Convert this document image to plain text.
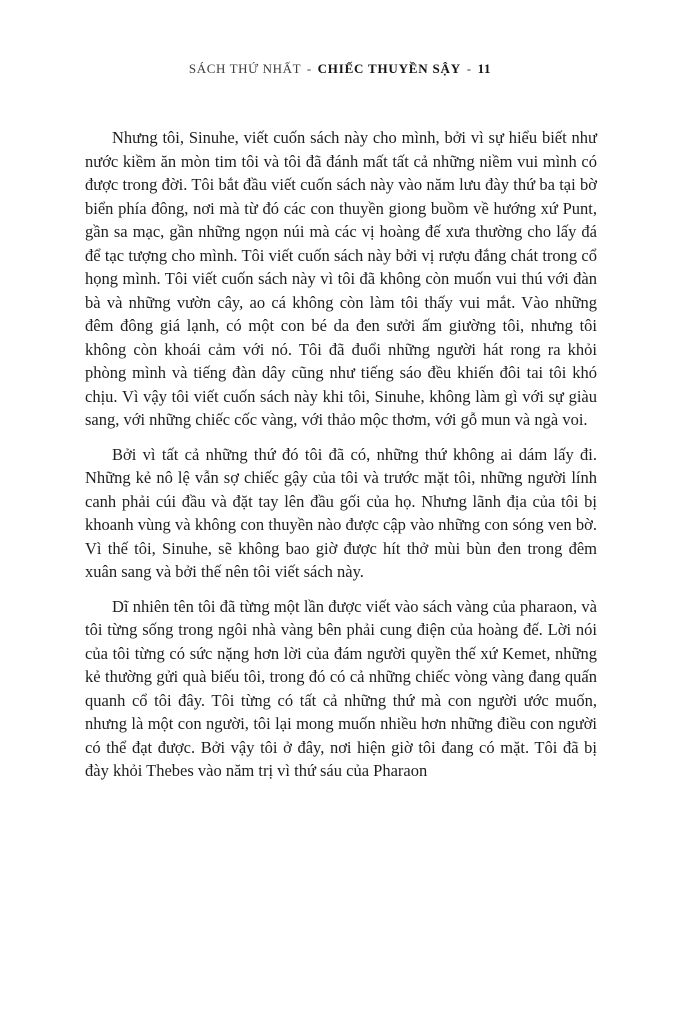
SÁCH THỨ NHẤT - CHIẾC THUYỀN SẬY - 11

Nhưng tôi, Sinuhe, viết cuốn sách này cho mình, bởi vì sự hiểu biết như nước kiềm ăn mòn tim tôi và tôi đã đánh mất tất cả những niềm vui mình có được trong đời. Tôi bắt đầu viết cuốn sách này vào năm lưu đày thứ ba tại bờ biển phía đông, nơi mà từ đó các con thuyền giong buồm về hướng xứ Punt, gần sa mạc, gần những ngọn núi mà các vị hoàng đế xưa thường cho lấy đá để tạc tượng cho mình. Tôi viết cuốn sách này bởi vị rượu đắng chát trong cổ họng mình. Tôi viết cuốn sách này vì tôi đã không còn muốn vui thú với đàn bà và những vườn cây, ao cá không còn làm tôi thấy vui mắt. Vào những đêm đông giá lạnh, có một con bé da đen sưởi ấm giường tôi, nhưng tôi không còn khoái cảm với nó. Tôi đã đuổi những người hát rong ra khỏi phòng mình và tiếng đàn dây cũng như tiếng sáo đều khiến đôi tai tôi khó chịu. Vì vậy tôi viết cuốn sách này khi tôi, Sinuhe, không làm gì với sự giàu sang, với những chiếc cốc vàng, với thảo mộc thơm, với gỗ mun và ngà voi.

Bởi vì tất cả những thứ đó tôi đã có, những thứ không ai dám lấy đi. Những kẻ nô lệ vẫn sợ chiếc gậy của tôi và trước mặt tôi, những người lính canh phải cúi đầu và đặt tay lên đầu gối của họ. Nhưng lãnh địa của tôi bị khoanh vùng và không con thuyền nào được cập vào những con sóng ven bờ. Vì thế tôi, Sinuhe, sẽ không bao giờ được hít thở mùi bùn đen trong đêm xuân sang và bởi thế nên tôi viết sách này.

Dĩ nhiên tên tôi đã từng một lần được viết vào sách vàng của pharaon, và tôi từng sống trong ngôi nhà vàng bên phải cung điện của hoàng đế. Lời nói của tôi từng có sức nặng hơn lời của đám người quyền thế xứ Kemet, những kẻ thường gửi quà biếu tôi, trong đó có cả những chiếc vòng vàng đang quấn quanh cổ tôi đây. Tôi từng có tất cả những thứ mà con người ước muốn, nhưng là một con người, tôi lại mong muốn nhiều hơn những điều con người có thể đạt được. Bởi vậy tôi ở đây, nơi hiện giờ tôi đang có mặt. Tôi đã bị đày khỏi Thebes vào năm trị vì thứ sáu của Pharaon
